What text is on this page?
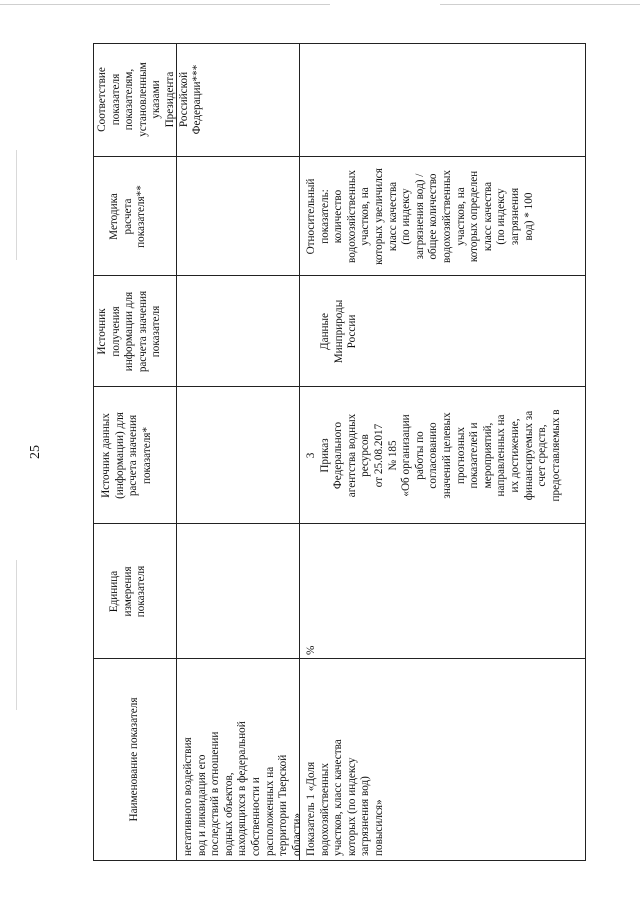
25
Наименование показателя
Единица
измерения
показателя
Источник данных
(информации) для
расчета значения
показателя*
Источник
получения
информации для
расчета значения
показателя
Методика
расчета
показателя**
Соответствие показателя
показателям,
установленным указами
Президента Российской
Федерации***
негативного воздействия
вод и ликвидация его
последствий в отношении
водных объектов,
находящихся в федеральной
собственности и
расположенных на
территории Тверской
области» Показатель 1 «Доля
водохозяйственных
участков, класс качества
которых (по индексу
загрязнения вод)
повысился»
%
3
Приказ
Федерального
агентства водных
ресурсов
от 25.08.2017
№ 185
«Об организации
работы по
согласованию
значений целевых
прогнозных
показателей и
мероприятий,
направленных на
их достижение,
финансируемых за
счет средств,
предоставляемых в
Данные
Минприроды
России
Относительный
показатель:
количество
водохозяйственных
участков, на
которых увеличился
класс качества
(по индексу
загрязнения вод) /
общее количество
водохозяйственных
участков, на
которых определен
класс качества
(по индексу
загрязнения
вод) * 100
